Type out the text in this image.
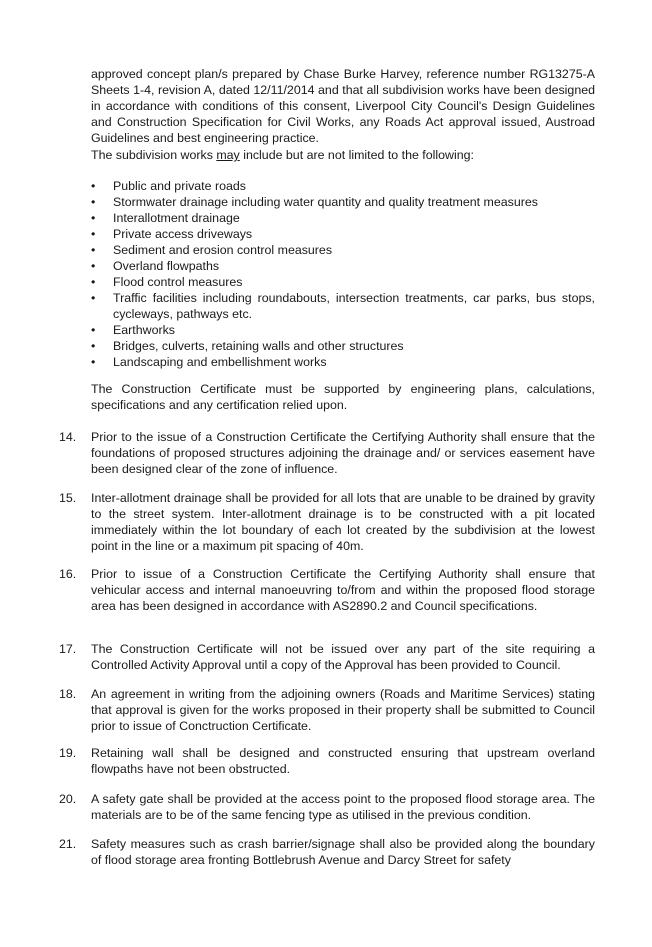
approved concept plan/s prepared by Chase Burke Harvey, reference number RG13275-A Sheets 1-4, revision A, dated 12/11/2014 and that all subdivision works have been designed in accordance with conditions of this consent, Liverpool City Council's Design Guidelines and Construction Specification for Civil Works, any Roads Act approval issued, Austroad Guidelines and best engineering practice.

The subdivision works may include but are not limited to the following:

• Public and private roads
• Stormwater drainage including water quantity and quality treatment measures
• Interallotment drainage
• Private access driveways
• Sediment and erosion control measures
• Overland flowpaths
• Flood control measures
• Traffic facilities including roundabouts, intersection treatments, car parks, bus stops, cycleways, pathways etc.
• Earthworks
• Bridges, culverts, retaining walls and other structures
• Landscaping and embellishment works

The Construction Certificate must be supported by engineering plans, calculations, specifications and any certification relied upon.

14.	Prior to the issue of a Construction Certificate the Certifying Authority shall ensure that the foundations of proposed structures adjoining the drainage and/ or services easement have been designed clear of the zone of influence.
15.	Inter-allotment drainage shall be provided for all lots that are unable to be drained by gravity to the street system. Inter-allotment drainage is to be constructed with a pit located immediately within the lot boundary of each lot created by the subdivision at the lowest point in the line or a maximum pit spacing of 40m.
16.	Prior to issue of a Construction Certificate the Certifying Authority shall ensure that vehicular access and internal manoeuvring to/from and within the proposed flood storage area has been designed in accordance with AS2890.2 and Council specifications.
17.	The Construction Certificate will not be issued over any part of the site requiring a Controlled Activity Approval until a copy of the Approval has been provided to Council.
18.	An agreement in writing from the adjoining owners (Roads and Maritime Services) stating that approval is given for the works proposed in their property shall be submitted to Council prior to issue of Conctruction Certificate.
19.	Retaining wall shall be designed and constructed ensuring that upstream overland flowpaths have not been obstructed.
20.	A safety gate shall be provided at the access point to the proposed flood storage area. The materials are to be of the same fencing type as utilised in the previous condition.
21.	Safety measures such as crash barrier/signage shall also be provided along the boundary of flood storage area fronting Bottlebrush Avenue and Darcy Street for safety
